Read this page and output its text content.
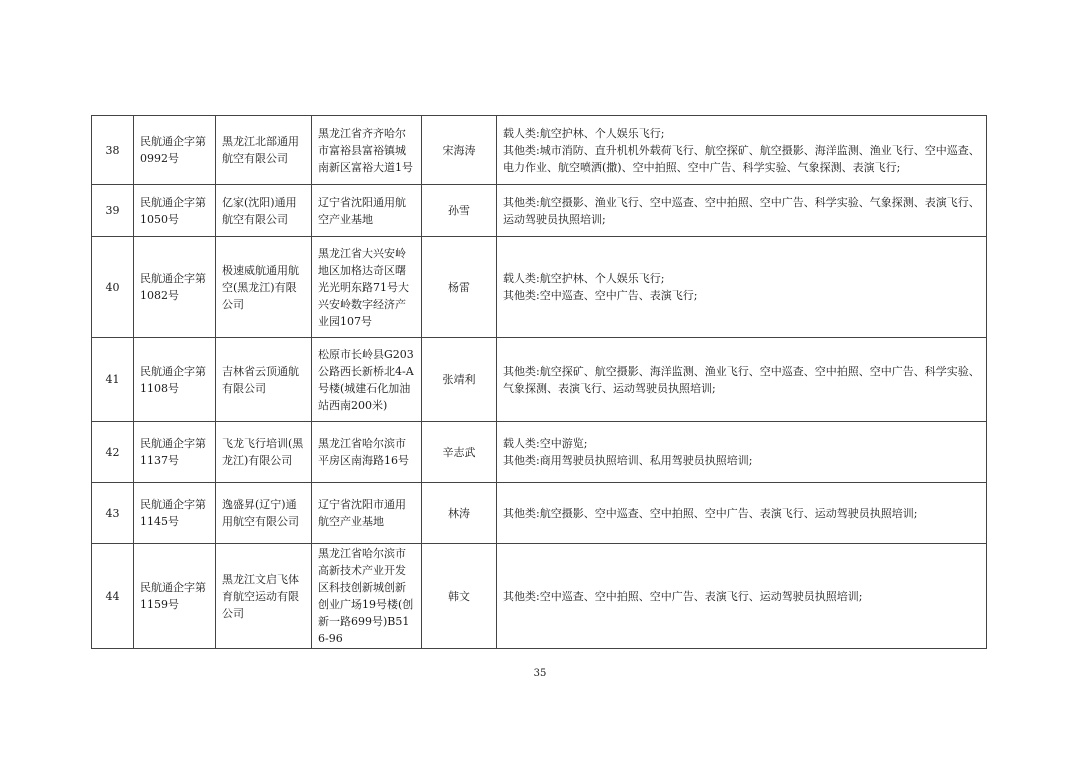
38	民航通企字第0992号	黑龙江北部通用航空有限公司	黑龙江省齐齐哈尔市富裕县富裕镇城南新区富裕大道1号	宋海涛	载人类:航空护林、个人娱乐飞行;
其他类:城市消防、直升机机外载荷飞行、航空探矿、航空摄影、海洋监测、渔业飞行、空中巡查、电力作业、航空喷洒(撒)、空中拍照、空中广告、科学实验、气象探测、表演飞行;

39	民航通企字第1050号	亿家(沈阳)通用航空有限公司	辽宁省沈阳通用航空产业基地	孙雪	其他类:航空摄影、渔业飞行、空中巡查、空中拍照、空中广告、科学实验、气象探测、表演飞行、运动驾驶员执照培训;

40	民航通企字第1082号	极速威航通用航空(黑龙江)有限公司	黑龙江省大兴安岭地区加格达奇区曙光光明东路71号大兴安岭数字经济产业园107号	杨雷	载人类:航空护林、个人娱乐飞行;
其他类:空中巡查、空中广告、表演飞行;

41	民航通企字第1108号	吉林省云顶通航有限公司	松原市长岭县G203公路西长新桥北4-A号楼(城建石化加油站西南200米)	张靖利	其他类:航空探矿、航空摄影、海洋监测、渔业飞行、空中巡查、空中拍照、空中广告、科学实验、气象探测、表演飞行、运动驾驶员执照培训;

42	民航通企字第1137号	飞龙飞行培训(黑龙江)有限公司	黑龙江省哈尔滨市平房区南海路16号	辛志武	载人类:空中游览;
其他类:商用驾驶员执照培训、私用驾驶员执照培训;

43	民航通企字第1145号	逸盛昇(辽宁)通用航空有限公司	辽宁省沈阳市通用航空产业基地	林涛	其他类:航空摄影、空中巡查、空中拍照、空中广告、表演飞行、运动驾驶员执照培训;

44	民航通企字第1159号	黑龙江文启飞体育航空运动有限公司	黑龙江省哈尔滨市高新技术产业开发区科技创新城创新创业广场19号楼(创新一路699号)B516-96	韩文	其他类:空中巡查、空中拍照、空中广告、表演飞行、运动驾驶员执照培训;
35
